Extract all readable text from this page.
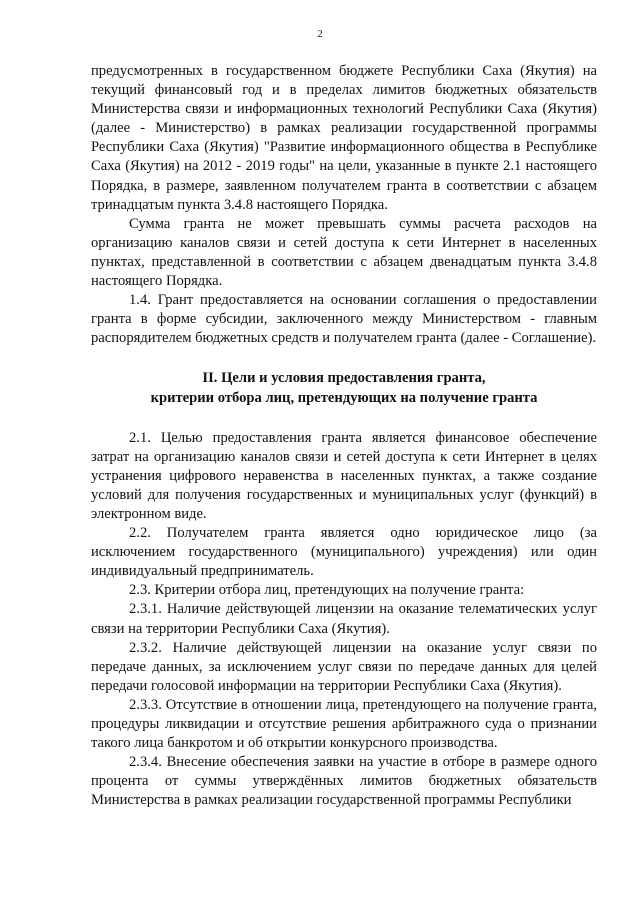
2

предусмотренных в государственном бюджете Республики Саха (Якутия) на текущий финансовый год и в пределах лимитов бюджетных обязательств Министерства связи и информационных технологий Республики Саха (Якутия) (далее - Министерство) в рамках реализации государственной программы Республики Саха (Якутия) "Развитие информационного общества в Республике Саха (Якутия) на 2012 - 2019 годы" на цели, указанные в пункте 2.1 настоящего Порядка, в размере, заявленном получателем гранта в соответствии с абзацем тринадцатым пункта 3.4.8 настоящего Порядка.

Сумма гранта не может превышать суммы расчета расходов на организацию каналов связи и сетей доступа к сети Интернет в населенных пунктах, представленной в соответствии с абзацем двенадцатым пункта 3.4.8 настоящего Порядка.

1.4. Грант предоставляется на основании соглашения о предоставлении гранта в форме субсидии, заключенного между Министерством - главным распорядителем бюджетных средств и получателем гранта (далее - Соглашение).

II. Цели и условия предоставления гранта,
критерии отбора лиц, претендующих на получение гранта

2.1. Целью предоставления гранта является финансовое обеспечение затрат на организацию каналов связи и сетей доступа к сети Интернет в целях устранения цифрового неравенства в населенных пунктах, а также создание условий для получения государственных и муниципальных услуг (функций) в электронном виде.

2.2. Получателем гранта является одно юридическое лицо (за исключением государственного (муниципального) учреждения) или один индивидуальный предприниматель.

2.3. Критерии отбора лиц, претендующих на получение гранта:

2.3.1. Наличие действующей лицензии на оказание телематических услуг связи на территории Республики Саха (Якутия).

2.3.2. Наличие действующей лицензии на оказание услуг связи по передаче данных, за исключением услуг связи по передаче данных для целей передачи голосовой информации на территории Республики Саха (Якутия).

2.3.3. Отсутствие в отношении лица, претендующего на получение гранта, процедуры ликвидации и отсутствие решения арбитражного суда о признании такого лица банкротом и об открытии конкурсного производства.

2.3.4. Внесение обеспечения заявки на участие в отборе в размере одного процента от суммы утверждённых лимитов бюджетных обязательств Министерства в рамках реализации государственной программы Республики
